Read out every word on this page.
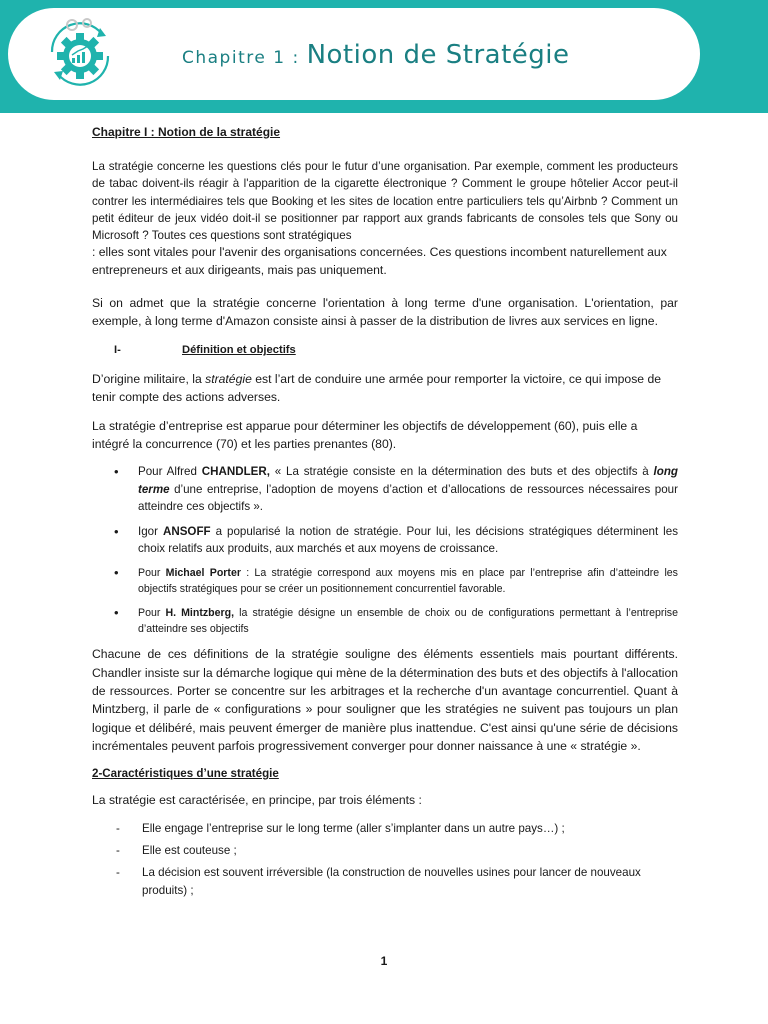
Chapitre 1 : Notion de Stratégie
Chapitre I : Notion de la stratégie

La stratégie concerne les questions clés pour le futur d’une organisation. Par exemple, comment les producteurs de tabac doivent-ils réagir à l'apparition de la cigarette électronique ? Comment le groupe hôtelier Accor peut-il contrer les intermédiaires tels que Booking et les sites de location entre particuliers tels qu’Airbnb ? Comment un petit éditeur de jeux vidéo doit-il se positionner par rapport aux grands fabricants de consoles tels que Sony ou Microsoft ? Toutes ces questions sont stratégiques

: elles sont vitales pour l'avenir des organisations concernées. Ces questions incombent naturellement aux entrepreneurs et aux dirigeants, mais pas uniquement.

Si on admet que la stratégie concerne l'orientation à long terme d'une organisation. L'orientation, par exemple, à long terme d'Amazon consiste ainsi à passer de la distribution de livres aux services en ligne.

I-	Définition et objectifs

D’origine militaire, la stratégie est l’art de conduire une armée pour remporter la victoire, ce qui impose de tenir compte des actions adverses.

La stratégie d’entreprise est apparue pour déterminer les objectifs de développement (60), puis elle a intégré la concurrence (70) et les parties prenantes (80).

• Pour Alfred CHANDLER, « La stratégie consiste en la détermination des buts et des objectifs à long terme d’une entreprise, l’adoption de moyens d’action et d’allocations de ressources nécessaires pour atteindre ces objectifs ».
• Igor ANSOFF a popularisé la notion de stratégie. Pour lui, les décisions stratégiques déterminent les choix relatifs aux produits, aux marchés et aux moyens de croissance.
• Pour Michael Porter : La stratégie correspond aux moyens mis en place par l’entreprise afin d’atteindre les objectifs stratégiques pour se créer un positionnement concurrentiel favorable.
• Pour H. Mintzberg, la stratégie désigne un ensemble de choix ou de configurations permettant à l’entreprise d’atteindre ses objectifs

Chacune de ces définitions de la stratégie souligne des éléments essentiels mais pourtant différents. Chandler insiste sur la démarche logique qui mène de la détermination des buts et des objectifs à l'allocation de ressources. Porter se concentre sur les arbitrages et la recherche d'un avantage concurrentiel. Quant à Mintzberg, il parle de « configurations » pour souligner que les stratégies ne suivent pas toujours un plan logique et délibéré, mais peuvent émerger de manière plus inattendue. C'est ainsi qu'une série de décisions incrémentales peuvent parfois progressivement converger pour donner naissance à une « stratégie ».

2-Caractéristiques d’une stratégie

La stratégie est caractérisée, en principe, par trois éléments :

- Elle engage l’entreprise sur le long terme (aller s’implanter dans un autre pays…) ;
- Elle est couteuse ;
- La décision est souvent irréversible (la construction de nouvelles usines pour lancer de nouveaux produits) ;
1
